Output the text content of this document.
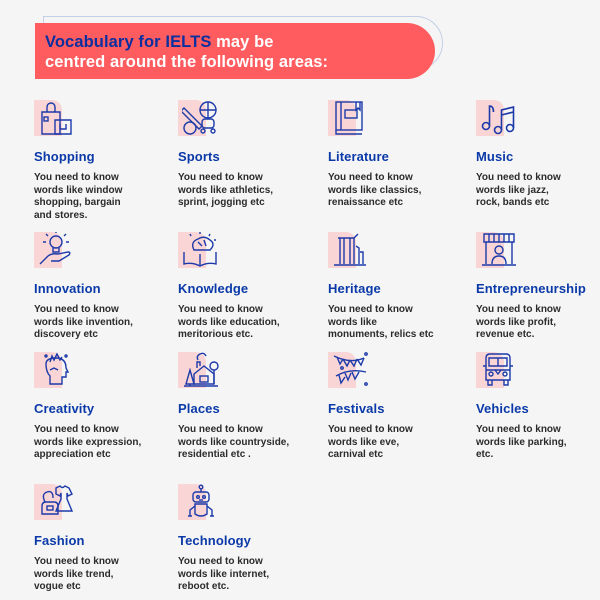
Vocabulary for IELTS may be
centred around the following areas:
Shopping
You need to know
words like window
shopping, bargain
and stores.
Sports
You need to know
words like athletics,
sprint, jogging etc
Literature
You need to know
words like classics,
renaissance etc
Music
You need to know
words like jazz,
rock, bands etc
Innovation
You need to know
words like invention,
discovery etc
Knowledge
You need to know
words like education,
meritorious etc.
Heritage
You need to know
words like
monuments, relics etc
Entrepreneurship
You need to know
words like profit,
revenue etc.
Creativity
You need to know
words like expression,
appreciation etc
Places
You need to know
words like countryside,
residential etc .
Festivals
You need to know
words like eve,
carnival etc
Vehicles
You need to know
words like parking,
etc.
Fashion
You need to know
words like trend,
vogue etc
Technology
You need to know
words like internet,
reboot etc.
